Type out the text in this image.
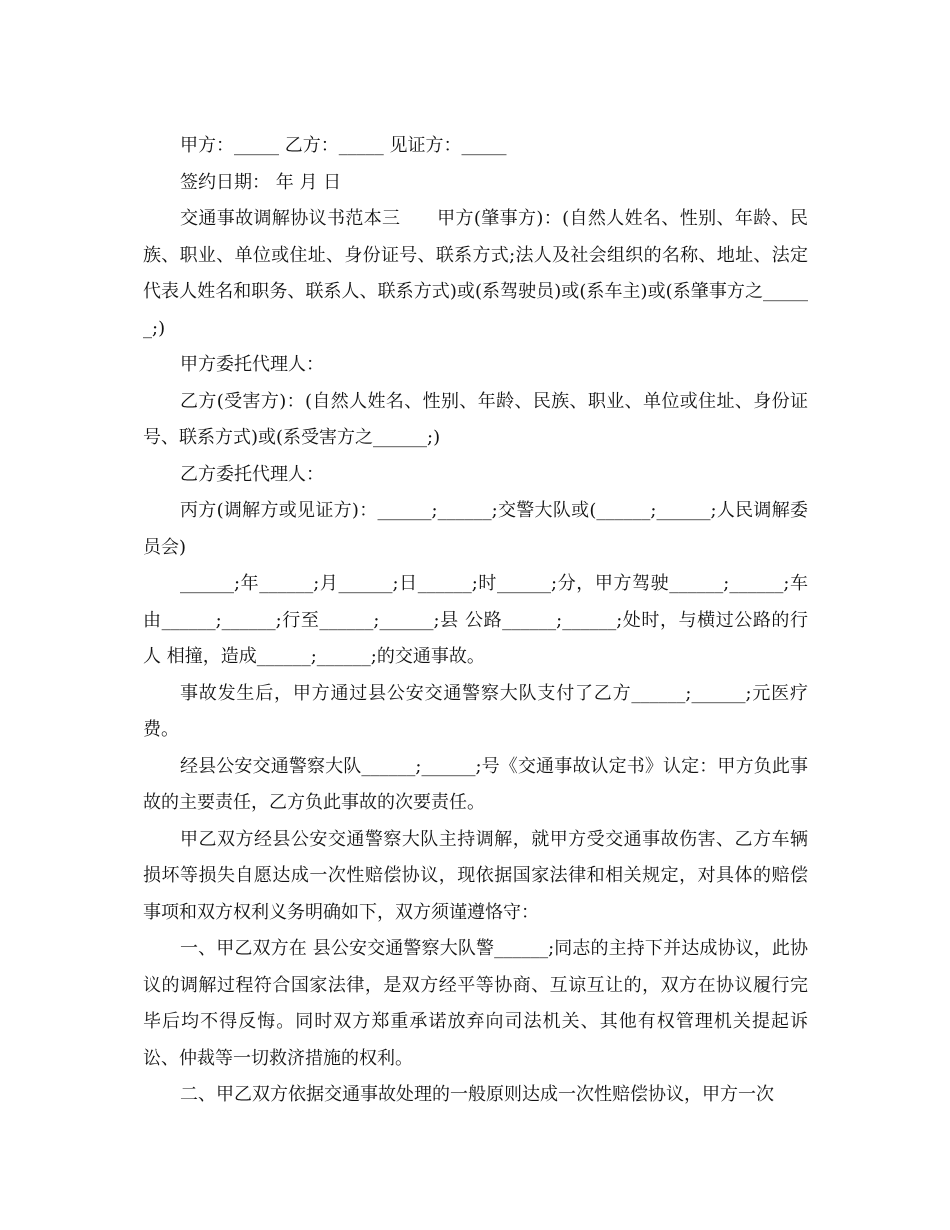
甲方：_____ 乙方：_____ 见证方：_____

签约日期： 年 月 日

交通事故调解协议书范本三　　甲方(肇事方)：(自然人姓名、性别、年龄、民族、职业、单位或住址、身份证号、联系方式;法人及社会组织的名称、地址、法定代表人姓名和职务、联系人、联系方式)或(系驾驶员)或(系车主)或(系肇事方之______;)

甲方委托代理人：

乙方(受害方)：(自然人姓名、性别、年龄、民族、职业、单位或住址、身份证号、联系方式)或(系受害方之______;)

乙方委托代理人：

丙方(调解方或见证方)：______;______;交警大队或(______;______;人民调解委员会)

______;年______;月______;日______;时______;分，甲方驾驶______;______;车由______;______;行至______;______;县 公路______;______;处时，与横过公路的行人 相撞，造成______;______;的交通事故。

事故发生后，甲方通过县公安交通警察大队支付了乙方______;______;元医疗费。

经县公安交通警察大队______;______;号《交通事故认定书》认定：甲方负此事故的主要责任，乙方负此事故的次要责任。

甲乙双方经县公安交通警察大队主持调解，就甲方受交通事故伤害、乙方车辆损坏等损失自愿达成一次性赔偿协议，现依据国家法律和相关规定，对具体的赔偿事项和双方权利义务明确如下，双方须谨遵恪守：

一、甲乙双方在 县公安交通警察大队警______;同志的主持下并达成协议，此协议的调解过程符合国家法律，是双方经平等协商、互谅互让的，双方在协议履行完毕后均不得反悔。同时双方郑重承诺放弃向司法机关、其他有权管理机关提起诉讼、仲裁等一切救济措施的权利。

二、甲乙双方依据交通事故处理的一般原则达成一次性赔偿协议，甲方一次
